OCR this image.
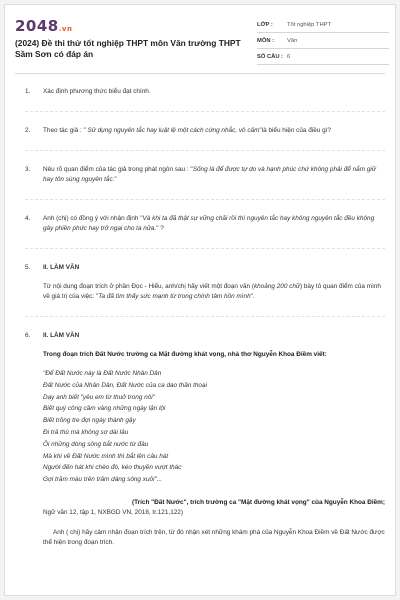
2048.vn
(2024) Đề thi thử tốt nghiệp THPT môn Văn trường THPT Sầm Sơn có đáp án
LỚP :	Tốt nghiệp THPT
MÔN :	Văn
SỐ CÂU : 6
1. Xác định phương thức biểu đạt chính.
2. Theo tác giả : " Sử dụng nguyên tắc hay luật lệ một cách cứng nhắc, vô cảm"là biểu hiện của điều gì?
3. Nêu rõ quan điểm của tác giả trong phát ngôn sau : "Sống là để được tự do và hạnh phúc chứ không phải để nắm giữ hay tôn sùng nguyên tắc."
4. Anh (chị) có đồng ý với nhận định "Và khi ta đã thật sự vững chãi rồi thì nguyên tắc hay không nguyên tắc đều không gây phiền phức hay trở ngại cho ta nữa." ?
5. II. LÀM VĂN
Từ nội dung đoạn trích ở phần Đọc - Hiểu, anh/chị hãy viết một đoạn văn (khoảng 200 chữ) bày tỏ quan điểm của mình về giá trị của việc: "Ta đã tìm thấy sức mạnh từ trong chính tâm hồn mình".
6. II. LÀM VĂN
Trong đoạn trích Đất Nước trường ca Mặt đường khát vọng, nhà thơ Nguyễn Khoa Điềm viết:
"Để Đất Nước này là Đất Nước Nhân Dân
Đất Nước của Nhân Dân, Đất Nước của ca dao thần thoại
Dạy anh biết "yêu em từ thuở trong nôi"
Biết quý công cầm vàng những ngày lặn lội
Biết trồng tre đợi ngày thành gậy
Đi trả thù mà không sợ dài lâu
Ôi những dòng sông bắt nước từ đâu
Mà khi về Đất Nước mình thì bắt lên câu hát
Người đến hát khi chèo đò, kéo thuyền vượt thác
Gợi trăm màu trên trăm dáng sông xuôi"...
(Trích "Đất Nước", trích trường ca "Mặt đường khát vọng" của Nguyễn Khoa Điềm;
Ngữ văn 12, tập 1, NXBGD VN, 2018, tr.121,122)
Anh ( chị) hãy cảm nhận đoạn trích trên, từ đó nhận xét những khám phá của Nguyễn Khoa Điềm về Đất Nước được thể hiện trong đoạn trích.
